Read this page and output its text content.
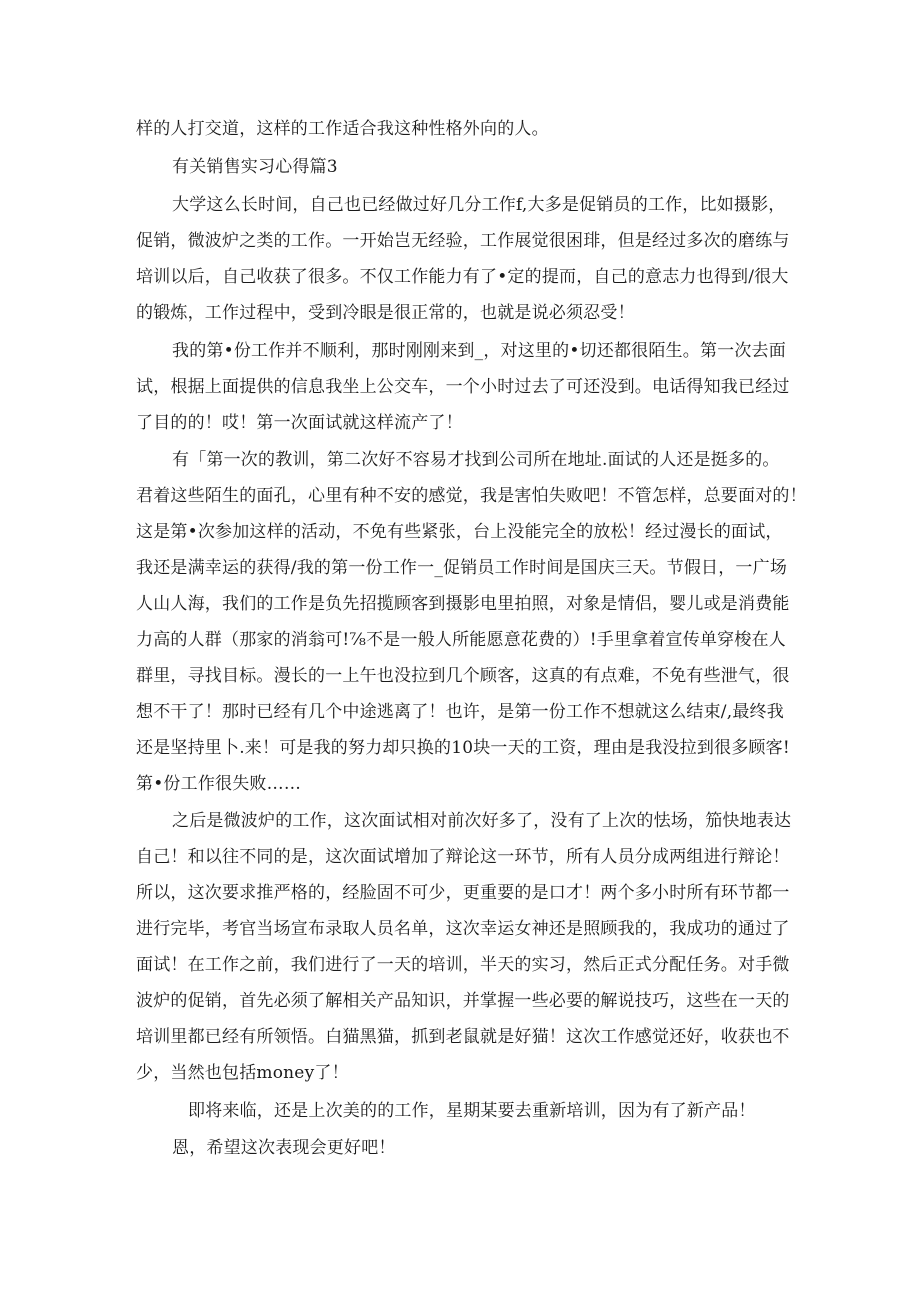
样的人打交道，这样的工作适合我这种性格外向的人。
有关销售实习心得篇3
大学这么长时间，自己也已经做过好几分工作f,大多是促销员的工作，比如摄影，
促销，微波炉之类的工作。一开始岂无经验，工作展觉很困琲，但是经过多次的磨练与
培训以后，自己收获了很多。不仅工作能力有了•定的提而，自己的意志力也得到/很大
的锻炼，工作过程中，受到冷眼是很正常的，也就是说必须忍受！
我的第•份工作并不顺利，那时刚刚来到_，对这里的•切还都很陌生。第一次去面
试，根据上面提供的信息我坐上公交车，一个小时过去了可还没到。电话得知我已经过
了目的的！哎！第一次面试就这样流产了！
有「第一次的教训，第二次好不容易才找到公司所在地址.面试的人还是挺多的。
君着这些陌生的面孔，心里有种不安的感觉，我是害怕失败吧！不管怎样，总要面对的！
这是第•次参加这样的活动，不免有些紧张，台上没能完全的放松！经过漫长的面试，
我还是满幸运的获得/我的第一份工作一_促销员工作时间是国庆三天。节假日，一广场
人山人海，我们的工作是负先招揽顾客到摄影电里拍照，对象是情侣，婴儿或是消费能
力高的人群（那家的消翁可!⅞不是一般人所能愿意花费的）!手里拿着宣传单穿梭在人
群里，寻找目标。漫长的一上午也没拉到几个顾客，这真的有点难，不免有些泄气，很
想不干了！那时已经有几个中途逃离了！也许，是第一份工作不想就这么结束/,最终我
还是坚持里卜.来！可是我的努力却只换的10块一天的工资，理由是我没拉到很多顾客!
第•份工作很失败……
之后是微波炉的工作，这次面试相对前次好多了，没有了上次的怯场，笳快地表达
自己！和以往不同的是，这次面试增加了辩论这一环节，所有人员分成两组进行辩论！
所以，这次要求推严格的，经脸固不可少，更重要的是口才！两个多小时所有环节都一
进行完毕，考官当场宣布录取人员名单，这次幸运女神还是照顾我的，我成功的通过了
面试！在工作之前，我们进行了一天的培训，半天的实习，然后正式分配任务。对手微
波炉的促销，首先必须了解相关产品知识，并掌握一些必要的解说技巧，这些在一天的
培训里都已经有所领悟。白猫黑猫，抓到老鼠就是好猫！这次工作感觉还好，收获也不
少，当然也包括money了！
即将来临，还是上次美的的工作，星期某要去重新培训，因为有了新产品！
恩，希望这次表现会更好吧！
